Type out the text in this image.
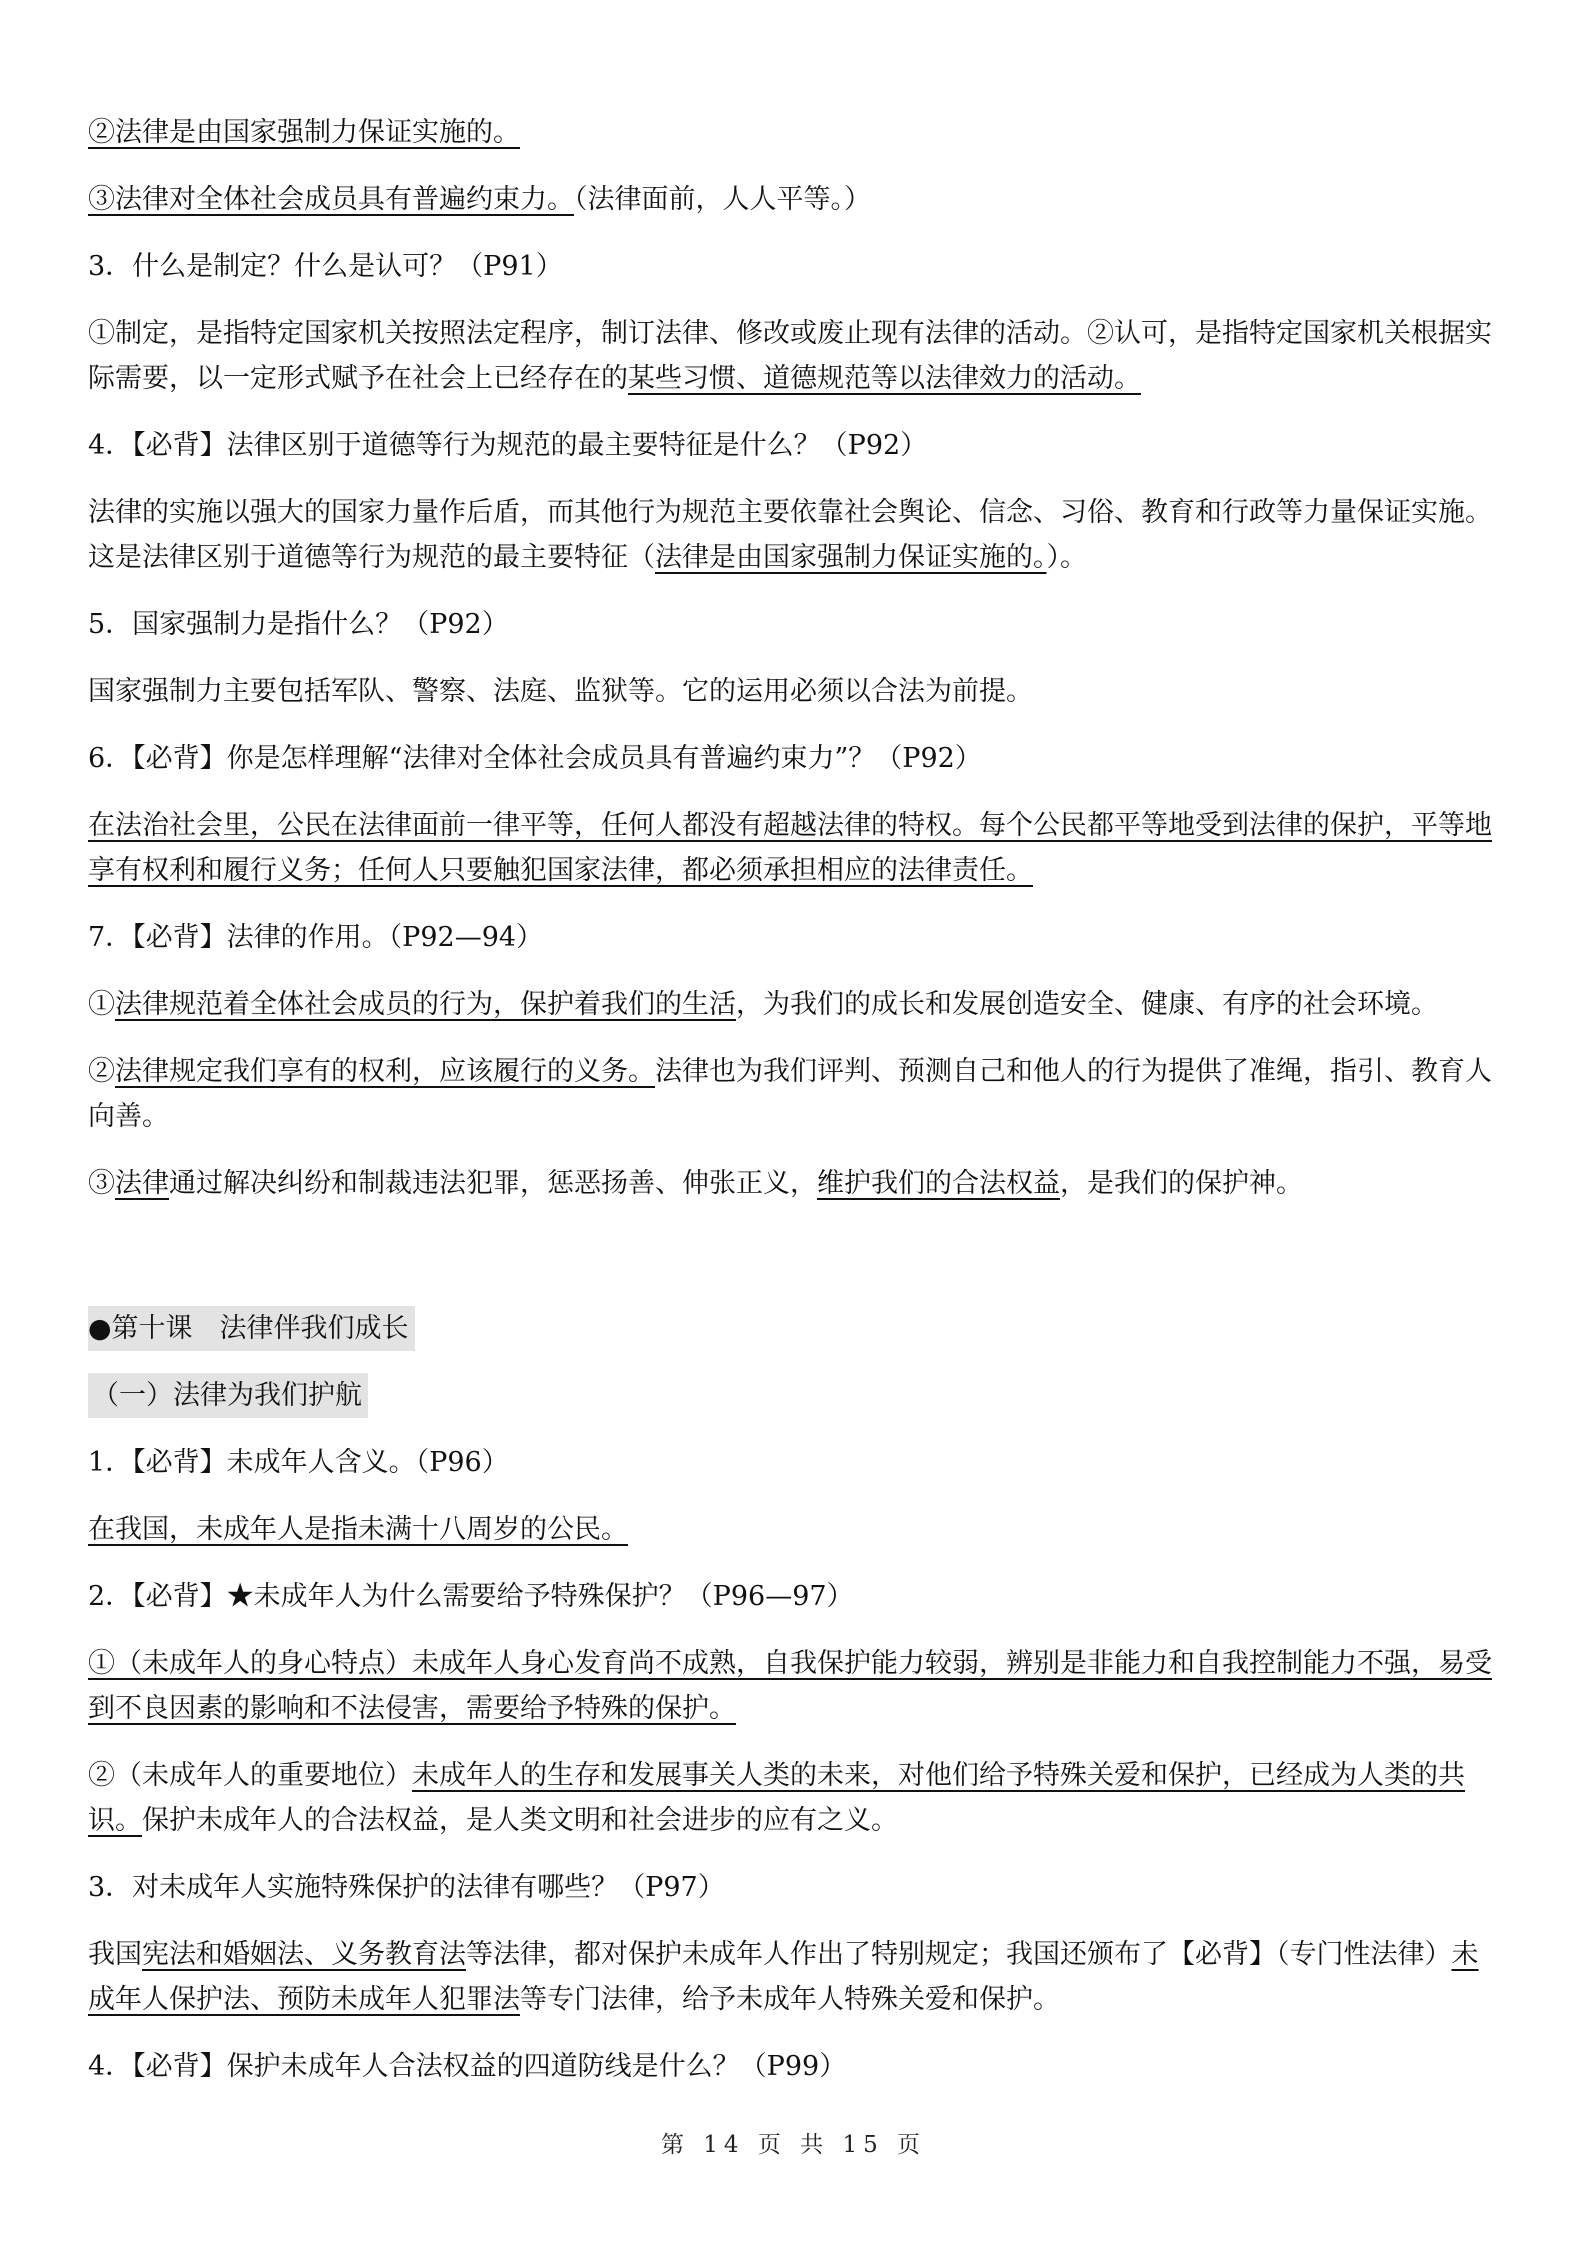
②法律是由国家强制力保证实施的。

③法律对全体社会成员具有普遍约束力。（法律面前，人人平等。）

3．什么是制定？什么是认可？（P91）

①制定，是指特定国家机关按照法定程序，制订法律、修改或废止现有法律的活动。②认可，是指特定国家机关根据实际需要，以一定形式赋予在社会上已经存在的某些习惯、道德规范等以法律效力的活动。

4．【必背】法律区别于道德等行为规范的最主要特征是什么？（P92）

法律的实施以强大的国家力量作后盾，而其他行为规范主要依靠社会舆论、信念、习俗、教育和行政等力量保证实施。这是法律区别于道德等行为规范的最主要特征（法律是由国家强制力保证实施的。）。

5．国家强制力是指什么？（P92）

国家强制力主要包括军队、警察、法庭、监狱等。它的运用必须以合法为前提。

6．【必背】你是怎样理解“法律对全体社会成员具有普遍约束力”？（P92）

在法治社会里，公民在法律面前一律平等，任何人都没有超越法律的特权。每个公民都平等地受到法律的保护，平等地享有权利和履行义务；任何人只要触犯国家法律，都必须承担相应的法律责任。

7．【必背】法律的作用。（P92—94）

①法律规范着全体社会成员的行为，保护着我们的生活，为我们的成长和发展创造安全、健康、有序的社会环境。

②法律规定我们享有的权利，应该履行的义务。法律也为我们评判、预测自己和他人的行为提供了准绳，指引、教育人向善。

③法律通过解决纠纷和制裁违法犯罪，惩恶扬善、伸张正义，维护我们的合法权益，是我们的保护神。

●第十课　法律伴我们成长

（一）法律为我们护航

1．【必背】未成年人含义。（P96）

在我国，未成年人是指未满十八周岁的公民。

2．【必背】★未成年人为什么需要给予特殊保护？（P96—97）

①（未成年人的身心特点）未成年人身心发育尚不成熟，自我保护能力较弱，辨别是非能力和自我控制能力不强，易受到不良因素的影响和不法侵害，需要给予特殊的保护。

②（未成年人的重要地位）未成年人的生存和发展事关人类的未来，对他们给予特殊关爱和保护，已经成为人类的共识。保护未成年人的合法权益，是人类文明和社会进步的应有之义。

3．对未成年人实施特殊保护的法律有哪些？（P97）

我国宪法和婚姻法、义务教育法等法律，都对保护未成年人作出了特别规定；我国还颁布了【必背】（专门性法律）未成年人保护法、预防未成年人犯罪法等专门法律，给予未成年人特殊关爱和保护。

4．【必背】保护未成年人合法权益的四道防线是什么？（P99）

第 14 页 共 15 页
